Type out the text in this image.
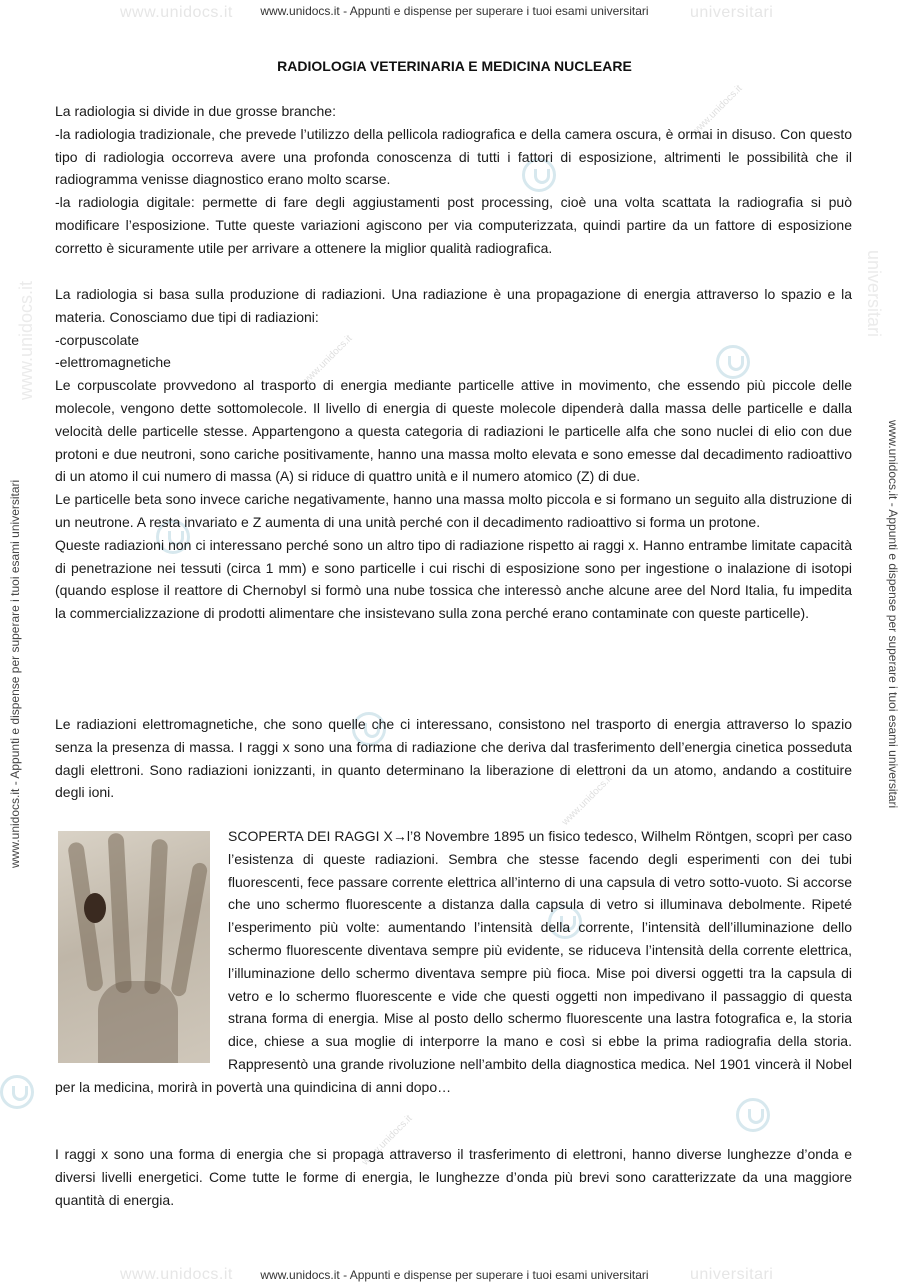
www.unidocs.it	universitari
www.unidocs.it	universitari
www.unidocs.it	universitari
www.unidocs.it
www.unidocs.it
www.unidocs.it
www.unidocs.it
www.unidocs.it - Appunti e dispense per superare i tuoi esami universitari
www.unidocs.it - Appunti e dispense per superare i tuoi esami universitari
www.unidocs.it - Appunti e dispense per superare i tuoi esami universitari	www.unidocs.it - Appunti e dispense per superare i tuoi esami universitari
RADIOLOGIA VETERINARIA E MEDICINA NUCLEARE

La radiologia si divide in due grosse branche:

-la radiologia tradizionale, che prevede l’utilizzo della pellicola radiografica e della camera oscura, è ormai in disuso. Con questo tipo di radiologia occorreva avere una profonda conoscenza di tutti i fattori di esposizione, altrimenti le possibilità che il radiogramma venisse diagnostico erano molto scarse.

-la radiologia digitale: permette di fare degli aggiustamenti post processing, cioè una volta scattata la radiografia si può modificare l’esposizione. Tutte queste variazioni agiscono per via computerizzata, quindi partire da un fattore di esposizione corretto è sicuramente utile per arrivare a ottenere la miglior qualità radiografica.

La radiologia si basa sulla produzione di radiazioni. Una radiazione è una propagazione di energia attraverso lo spazio e la materia. Conosciamo due tipi di radiazioni:

-corpuscolate

-elettromagnetiche

Le corpuscolate provvedono al trasporto di energia mediante particelle attive in movimento, che essendo più piccole delle molecole, vengono dette sottomolecole. Il livello di energia di queste molecole dipenderà dalla massa delle particelle e dalla velocità delle particelle stesse. Appartengono a questa categoria di radiazioni le particelle alfa che sono nuclei di elio con due protoni e due neutroni, sono cariche positivamente, hanno una massa molto elevata e sono emesse dal decadimento radioattivo di un atomo il cui numero di massa (A) si riduce di quattro unità e il numero atomico (Z) di due.

Le particelle beta sono invece cariche negativamente, hanno una massa molto piccola e si formano un seguito alla distruzione di un neutrone. A resta invariato e Z aumenta di una unità perché con il decadimento radioattivo si forma un protone.

Queste radiazioni non ci interessano perché sono un altro tipo di radiazione rispetto ai raggi x. Hanno entrambe limitate capacità di penetrazione nei tessuti (circa 1 mm) e sono particelle i cui rischi di esposizione sono per ingestione o inalazione di isotopi (quando esplose il reattore di Chernobyl si formò una nube tossica che interessò anche alcune aree del Nord Italia, fu impedita la commercializzazione di prodotti alimentare che insistevano sulla zona perché erano contaminate con queste particelle).

Le radiazioni elettromagnetiche, che sono quelle che ci interessano, consistono nel trasporto di energia attraverso lo spazio senza la presenza di massa. I raggi x sono una forma di radiazione che deriva dal trasferimento dell’energia cinetica posseduta dagli elettroni. Sono radiazioni ionizzanti, in quanto determinano la liberazione di elettroni da un atomo, andando a costituire degli ioni.

SCOPERTA DEI RAGGI X→l’8 Novembre 1895 un fisico tedesco, Wilhelm Röntgen, scoprì per caso l’esistenza di queste radiazioni. Sembra che stesse facendo degli esperimenti con dei tubi fluorescenti, fece passare corrente elettrica all’interno di una capsula di vetro sotto-vuoto. Si accorse che uno schermo fluorescente a distanza dalla capsula di vetro si illuminava debolmente. Ripeté l’esperimento più volte: aumentando l’intensità della corrente, l’intensità dell’illuminazione dello schermo fluorescente diventava sempre più evidente, se riduceva l’intensità della corrente elettrica, l’illuminazione dello schermo diventava sempre più fioca. Mise poi diversi oggetti tra la capsula di vetro e lo schermo fluorescente e vide che questi oggetti non impedivano il passaggio di questa strana forma di energia. Mise al posto dello schermo fluorescente una lastra fotografica e, la storia dice, chiese a sua moglie di interporre la mano e così si ebbe la prima radiografia della storia. Rappresentò una grande rivoluzione nell’ambito della diagnostica medica. Nel 1901 vincerà il Nobel per la medicina, morirà in povertà una quindicina di anni dopo…

I raggi x sono una forma di energia che si propaga attraverso il trasferimento di elettroni, hanno diverse lunghezze d’onda e diversi livelli energetici. Come tutte le forme di energia, le lunghezze d’onda più brevi sono caratterizzate da una maggiore quantità di energia.
